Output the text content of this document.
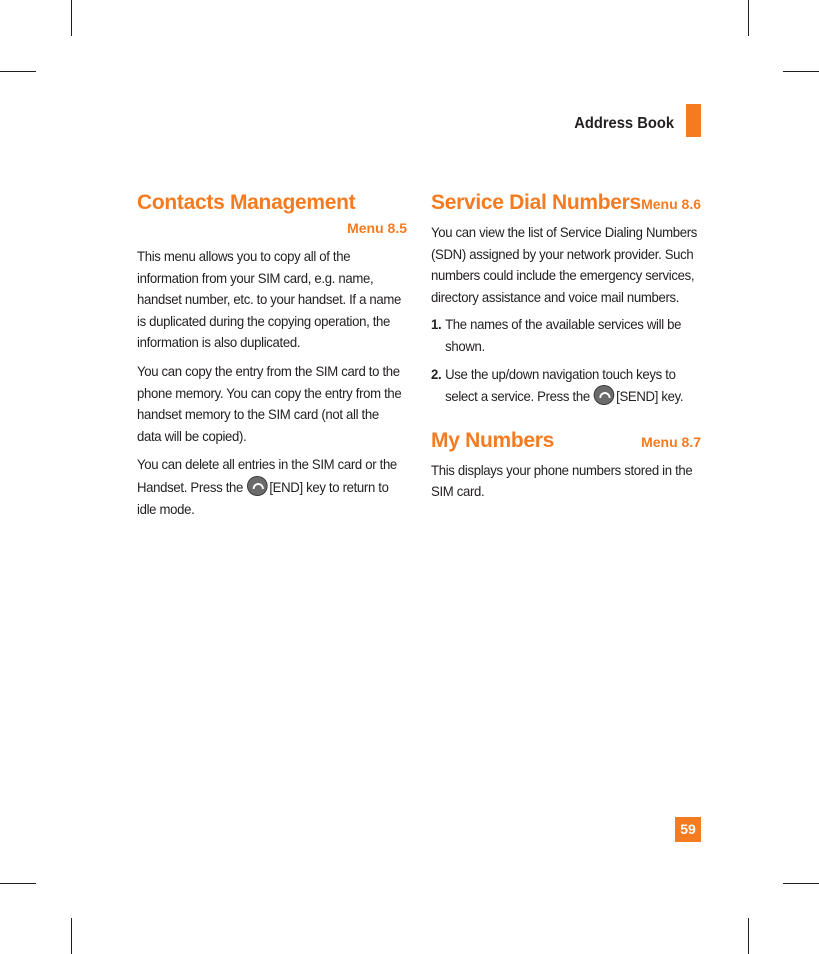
Address Book
Contacts Management
Menu 8.5

This menu allows you to copy all of the information from your SIM card, e.g. name, handset number, etc. to your handset. If a name is duplicated during the copying operation, the information is also duplicated.

You can copy the entry from the SIM card to the phone memory. You can copy the entry from the handset memory to the SIM card (not all the data will be copied).

You can delete all entries in the SIM card or the Handset. Press the [END] key to return to idle mode.

Service Dial Numbers Menu 8.6

You can view the list of Service Dialing Numbers (SDN) assigned by your network provider. Such numbers could include the emergency services, directory assistance and voice mail numbers.

1. The names of the available services will be shown.
2. Use the up/down navigation touch keys to select a service. Press the [SEND] key.
My Numbers	Menu 8.7

This displays your phone numbers stored in the SIM card.

59
